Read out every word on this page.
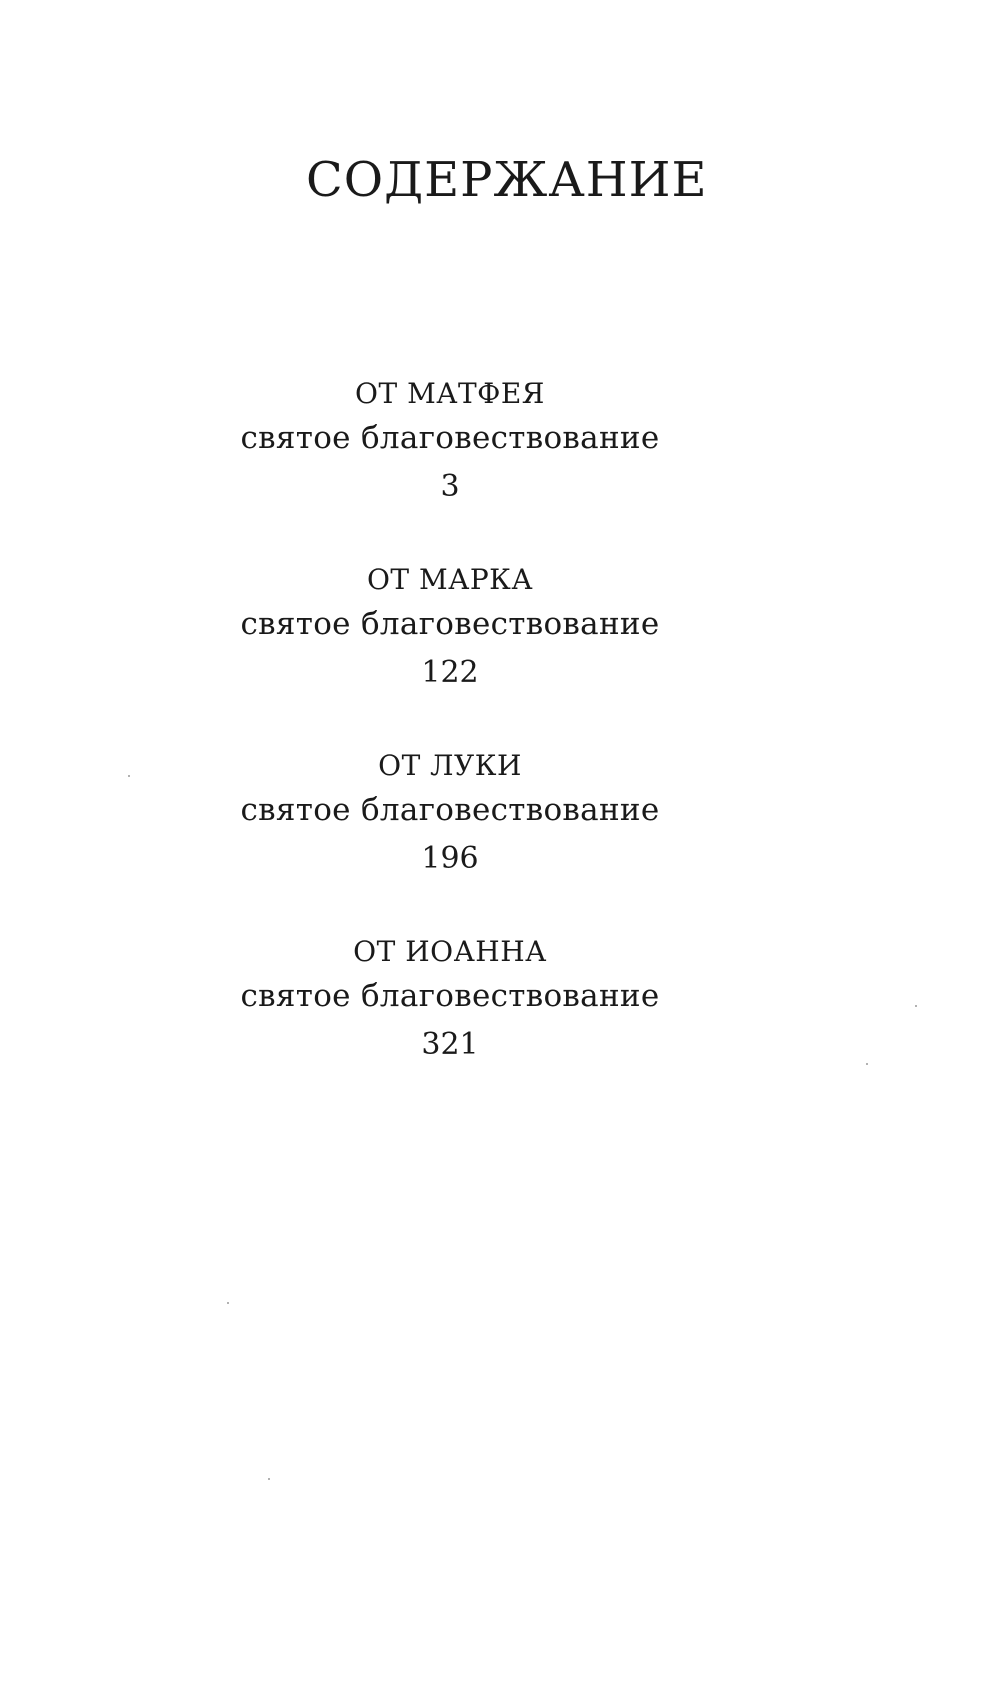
СОДЕРЖАНИЕ
ОТ МАТФЕЯ
святое благовествование
3
ОТ МАРКА
святое благовествование
122
ОТ ЛУКИ
святое благовествование
196
ОТ ИОАННА
святое благовествование
321
